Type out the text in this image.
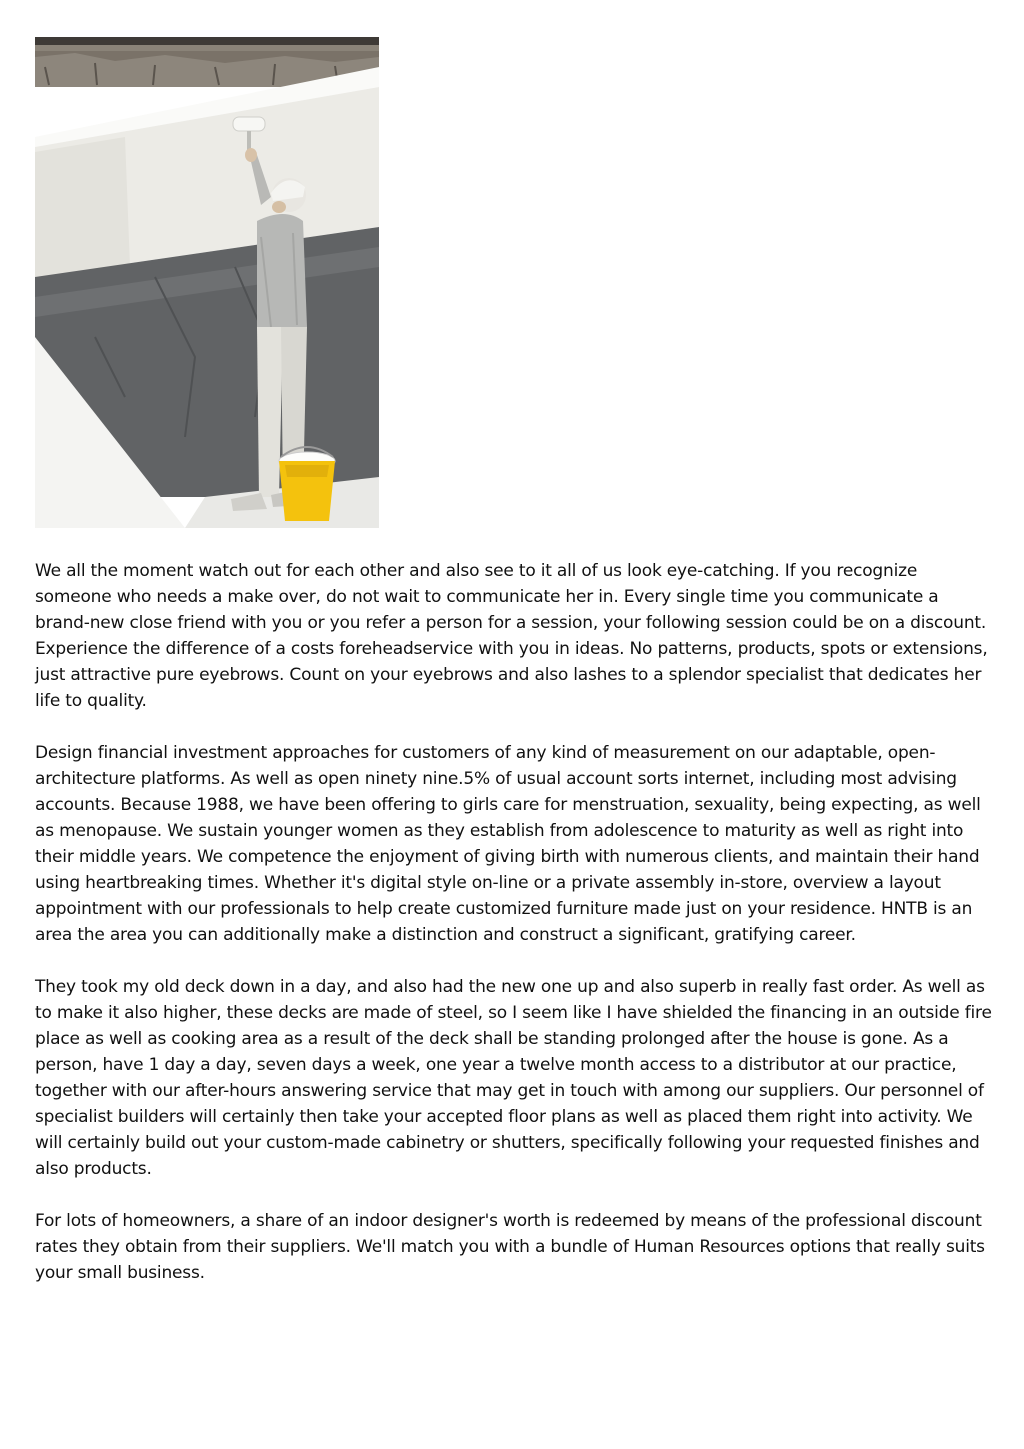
We all the moment watch out for each other and also see to it all of us look eye-catching. If you recognize someone who needs a make over, do not wait to communicate her in. Every single time you communicate a brand-new close friend with you or you refer a person for a session, your following session could be on a discount. Experience the difference of a costs foreheadservice with you in ideas. No patterns, products, spots or extensions, just attractive pure eyebrows. Count on your eyebrows and also lashes to a splendor specialist that dedicates her life to quality.

Design financial investment approaches for customers of any kind of measurement on our adaptable, open-architecture platforms. As well as open ninety nine.5% of usual account sorts internet, including most advising accounts. Because 1988, we have been offering to girls care for menstruation, sexuality, being expecting, as well as menopause. We sustain younger women as they establish from adolescence to maturity as well as right into their middle years. We competence the enjoyment of giving birth with numerous clients, and maintain their hand using heartbreaking times. Whether it's digital style on-line or a private assembly in-store, overview a layout appointment with our professionals to help create customized furniture made just on your residence. HNTB is an area the area you can additionally make a distinction and construct a significant, gratifying career.

They took my old deck down in a day, and also had the new one up and also superb in really fast order. As well as to make it also higher, these decks are made of steel, so I seem like I have shielded the financing in an outside fire place as well as cooking area as a result of the deck shall be standing prolonged after the house is gone. As a person, have 1 day a day, seven days a week, one year a twelve month access to a distributor at our practice, together with our after-hours answering service that may get in touch with among our suppliers. Our personnel of specialist builders will certainly then take your accepted floor plans as well as placed them right into activity. We will certainly build out your custom-made cabinetry or shutters, specifically following your requested finishes and also products.

For lots of homeowners, a share of an indoor designer's worth is redeemed by means of the professional discount rates they obtain from their suppliers. We'll match you with a bundle of Human Resources options that really suits your small business.
